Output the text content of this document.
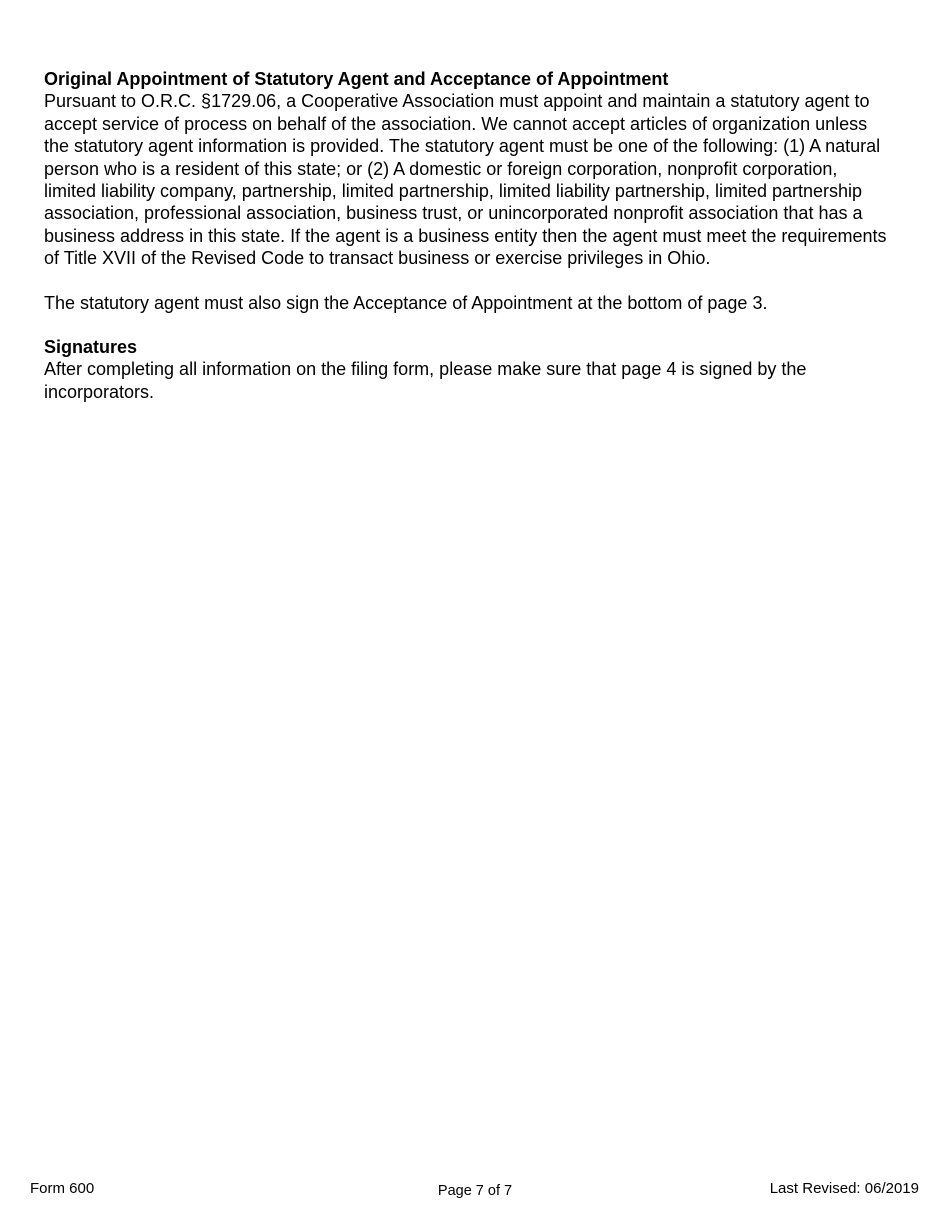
Original Appointment of Statutory Agent and Acceptance of Appointment

Pursuant to O.R.C. §1729.06, a Cooperative Association must appoint and maintain a statutory agent to accept service of process on behalf of the association. We cannot accept articles of organization unless the statutory agent information is provided. The statutory agent must be one of the following: (1) A natural person who is a resident of this state; or (2) A domestic or foreign corporation, nonprofit corporation, limited liability company, partnership, limited partnership, limited liability partnership, limited partnership association, professional association, business trust, or unincorporated nonprofit association that has a business address in this state. If the agent is a business entity then the agent must meet the requirements of Title XVII of the Revised Code to transact business or exercise privileges in Ohio.

The statutory agent must also sign the Acceptance of Appointment at the bottom of page 3.

Signatures

After completing all information on the filing form, please make sure that page 4 is signed by the incorporators.

Form 600	Page 7 of 7	Last Revised: 06/2019
